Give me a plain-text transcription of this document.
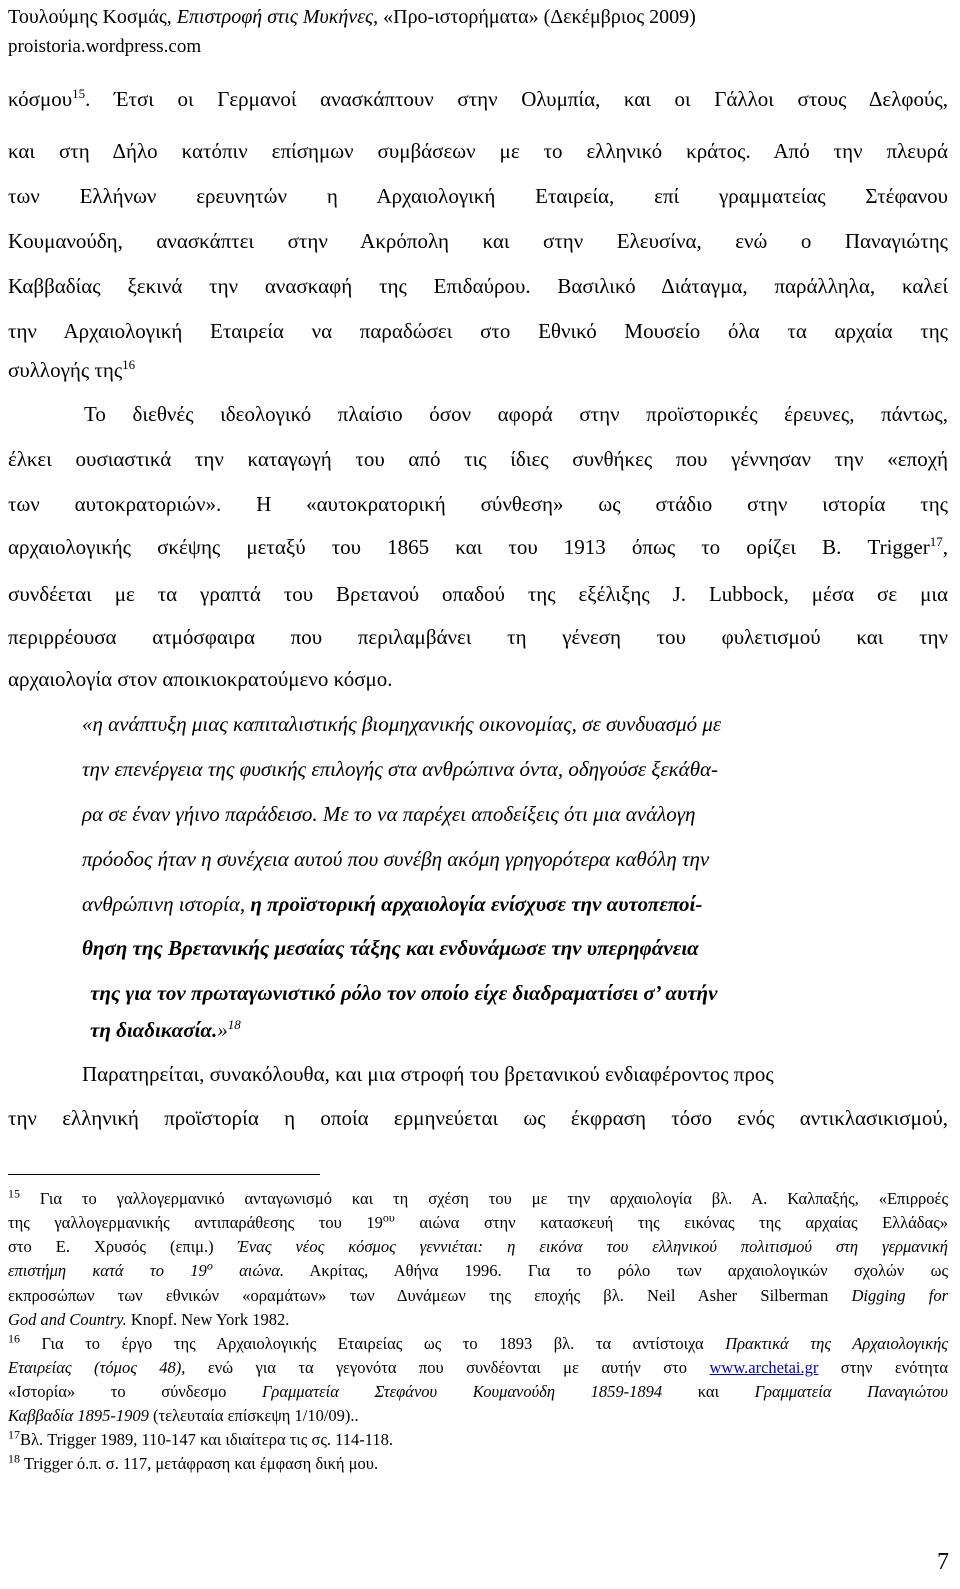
Τουλούμης Κοσμάς, Επιστροφή στις Μυκήνες, «Προ-ιστορήματα» (Δεκέμβριος 2009)
proistoria.wordpress.com
κόσμου$^{15}$. Έτσι οι Γερμανοί ανασκάπτουν στην Ολυμπία, και οι Γάλλοι στους Δελφούς,
και στη Δήλο κατόπιν επίσημων συμβάσεων με το ελληνικό κράτος. Από την πλευρά
των Ελλήνων ερευνητών η Αρχαιολογική Εταιρεία, επί γραμματείας Στέφανου
Κουμανούδη, ανασκάπτει στην Ακρόπολη και στην Ελευσίνα, ενώ ο Παναγιώτης
Καββαδίας ξεκινά την ανασκαφή της Επιδαύρου. Βασιλικό Διάταγμα, παράλληλα, καλεί
την Αρχαιολογική Εταιρεία να παραδώσει στο Εθνικό Μουσείο όλα τα αρχαία της
συλλογής της$^{16}$
Το διεθνές ιδεολογικό πλαίσιο όσον αφορά στην προϊστορικές έρευνες, πάντως,
έλκει ουσιαστικά την καταγωγή του από τις ίδιες συνθήκες που γέννησαν την «εποχή
των αυτοκρατοριών». Η «αυτοκρατορική σύνθεση» ως στάδιο στην ιστορία της
αρχαιολογικής σκέψης μεταξύ του 1865 και του 1913 όπως το ορίζει Β. Trigger$^{17}$,
συνδέεται με τα γραπτά του Βρετανού οπαδού της εξέλιξης J. Lubbock, μέσα σε μια
περιρρέουσα ατμόσφαιρα που περιλαμβάνει τη γένεση του φυλετισμού και την
αρχαιολογία στον αποικιοκρατούμενο κόσμο.
«η ανάπτυξη μιας καπιταλιστικής βιομηχανικής οικονομίας, σε συνδυασμό με
την επενέργεια της φυσικής επιλογής στα ανθρώπινα όντα, οδηγούσε ξεκάθα-
ρα σε έναν γήινο παράδεισο. Με το να παρέχει αποδείξεις ότι μια ανάλογη
πρόοδος ήταν η συνέχεια αυτού που συνέβη ακόμη γρηγορότερα καθόλη την
ανθρώπινη ιστορία, η προϊστορική αρχαιολογία ενίσχυσε την αυτοπεποί-
θηση της Βρετανικής μεσαίας τάξης και ενδυνάμωσε την υπερηφάνεια
της για τον πρωταγωνιστικό ρόλο τον οποίο είχε διαδραματίσει σ’ αυτήν
τη διαδικασία.»$^{18}$
Παρατηρείται, συνακόλουθα, και μια στροφή του βρετανικού ενδιαφέροντος προς
την ελληνική προϊστορία η οποία ερμηνεύεται ως έκφραση τόσο ενός αντικλασικισμού,
$^{15}$ Για το γαλλογερμανικό ανταγωνισμό και τη σχέση του με την αρχαιολογία βλ. Α. Καλπαξής, «Επιρροές
της γαλλογερμανικής αντιπαράθεσης του 19$^{o\upsilon}$ αιώνα στην κατασκευή της εικόνας της αρχαίας Ελλάδας»
στο Ε. Χρυσός (επιμ.) Ένας νέος κόσμος γεννιέται: η εικόνα του ελληνικού πολιτισμού στη γερμανική
επιστήμη κατά το 19$^o$ αιώνα. Ακρίτας, Αθήνα 1996. Για το ρόλο των αρχαιολογικών σχολών ως
εκπροσώπων των εθνικών «οραμάτων» των Δυνάμεων της εποχής βλ. Neil Asher Silberman Digging for
God and Country. Knopf. New York 1982.
$^{16}$ Για το έργο της Αρχαιολογικής Εταιρείας ως το 1893 βλ. τα αντίστοιχα Πρακτικά της Αρχαιολογικής
Εταιρείας (τόμος 48), ενώ για τα γεγονότα που συνδέονται με αυτήν στο www.archetai.gr στην ενότητα
«Ιστορία» το σύνδεσμο Γραμματεία Στεφάνου Κουμανούδη 1859-1894 και Γραμματεία Παναγιώτου
Καββαδία 1895-1909 (τελευταία επίσκεψη 1/10/09)..
$^{17}$Βλ. Trigger 1989, 110-147 και ιδιαίτερα τις σς. 114-118.
$^{18}$ Trigger ό.π. σ. 117, μετάφραση και έμφαση δική μου.
7
